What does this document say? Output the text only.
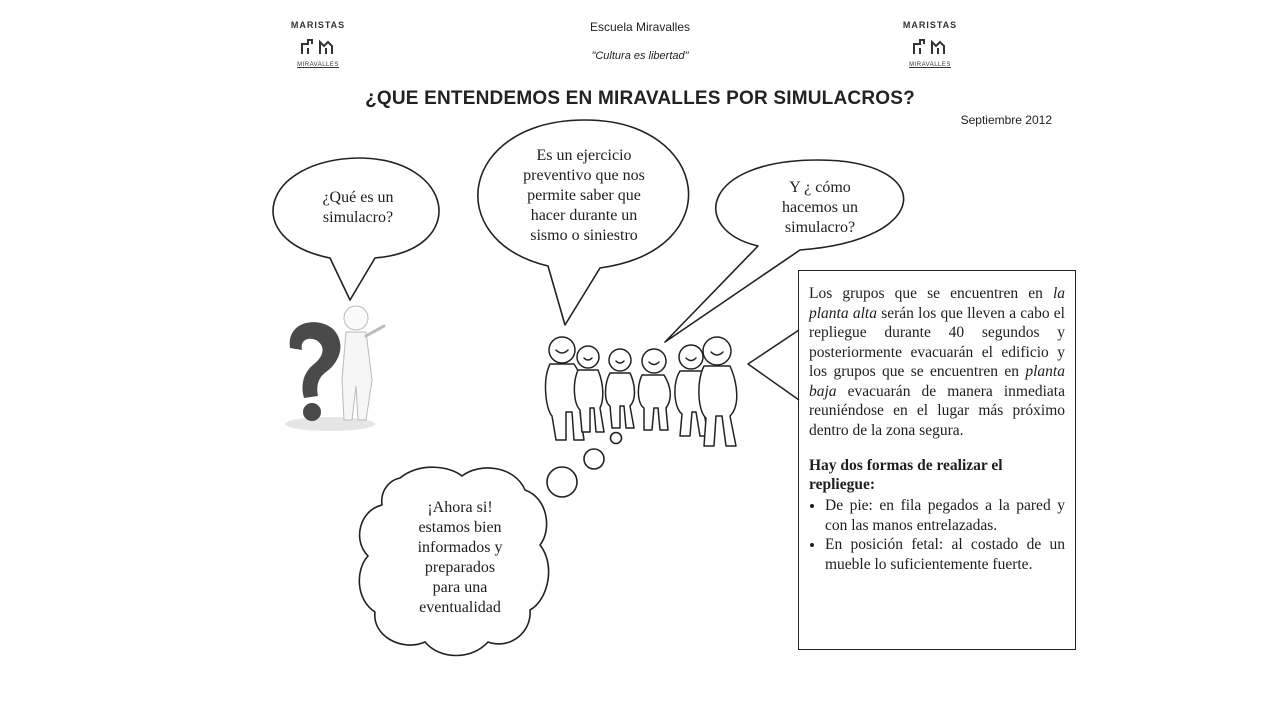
MARISTAS
MIRAVALLES
MARISTAS
MIRAVALLES
Escuela Miravalles
"Cultura es libertad"
¿QUE ENTENDEMOS EN MIRAVALLES POR SIMULACROS?
Septiembre 2012
¿Qué es un
simulacro?
Es un ejercicio
preventivo que nos
permite saber que
hacer durante un
sismo o siniestro
Y ¿ cómo
hacemos un
simulacro?
¡Ahora si!
estamos bien
informados y
preparados
para una
eventualidad

Los grupos que se encuentren en la planta alta serán los que lleven a cabo el repliegue durante 40 segundos y posteriormente evacuarán el edificio y los grupos que se encuentren en planta baja evacuarán de manera inmediata reuniéndose en el lugar más próximo dentro de la zona segura.

Hay dos formas de realizar el repliegue:
• De pie: en fila pegados a la pared y con las manos entrelazadas.
• En posición fetal: al costado de un mueble lo suficientemente fuerte.
